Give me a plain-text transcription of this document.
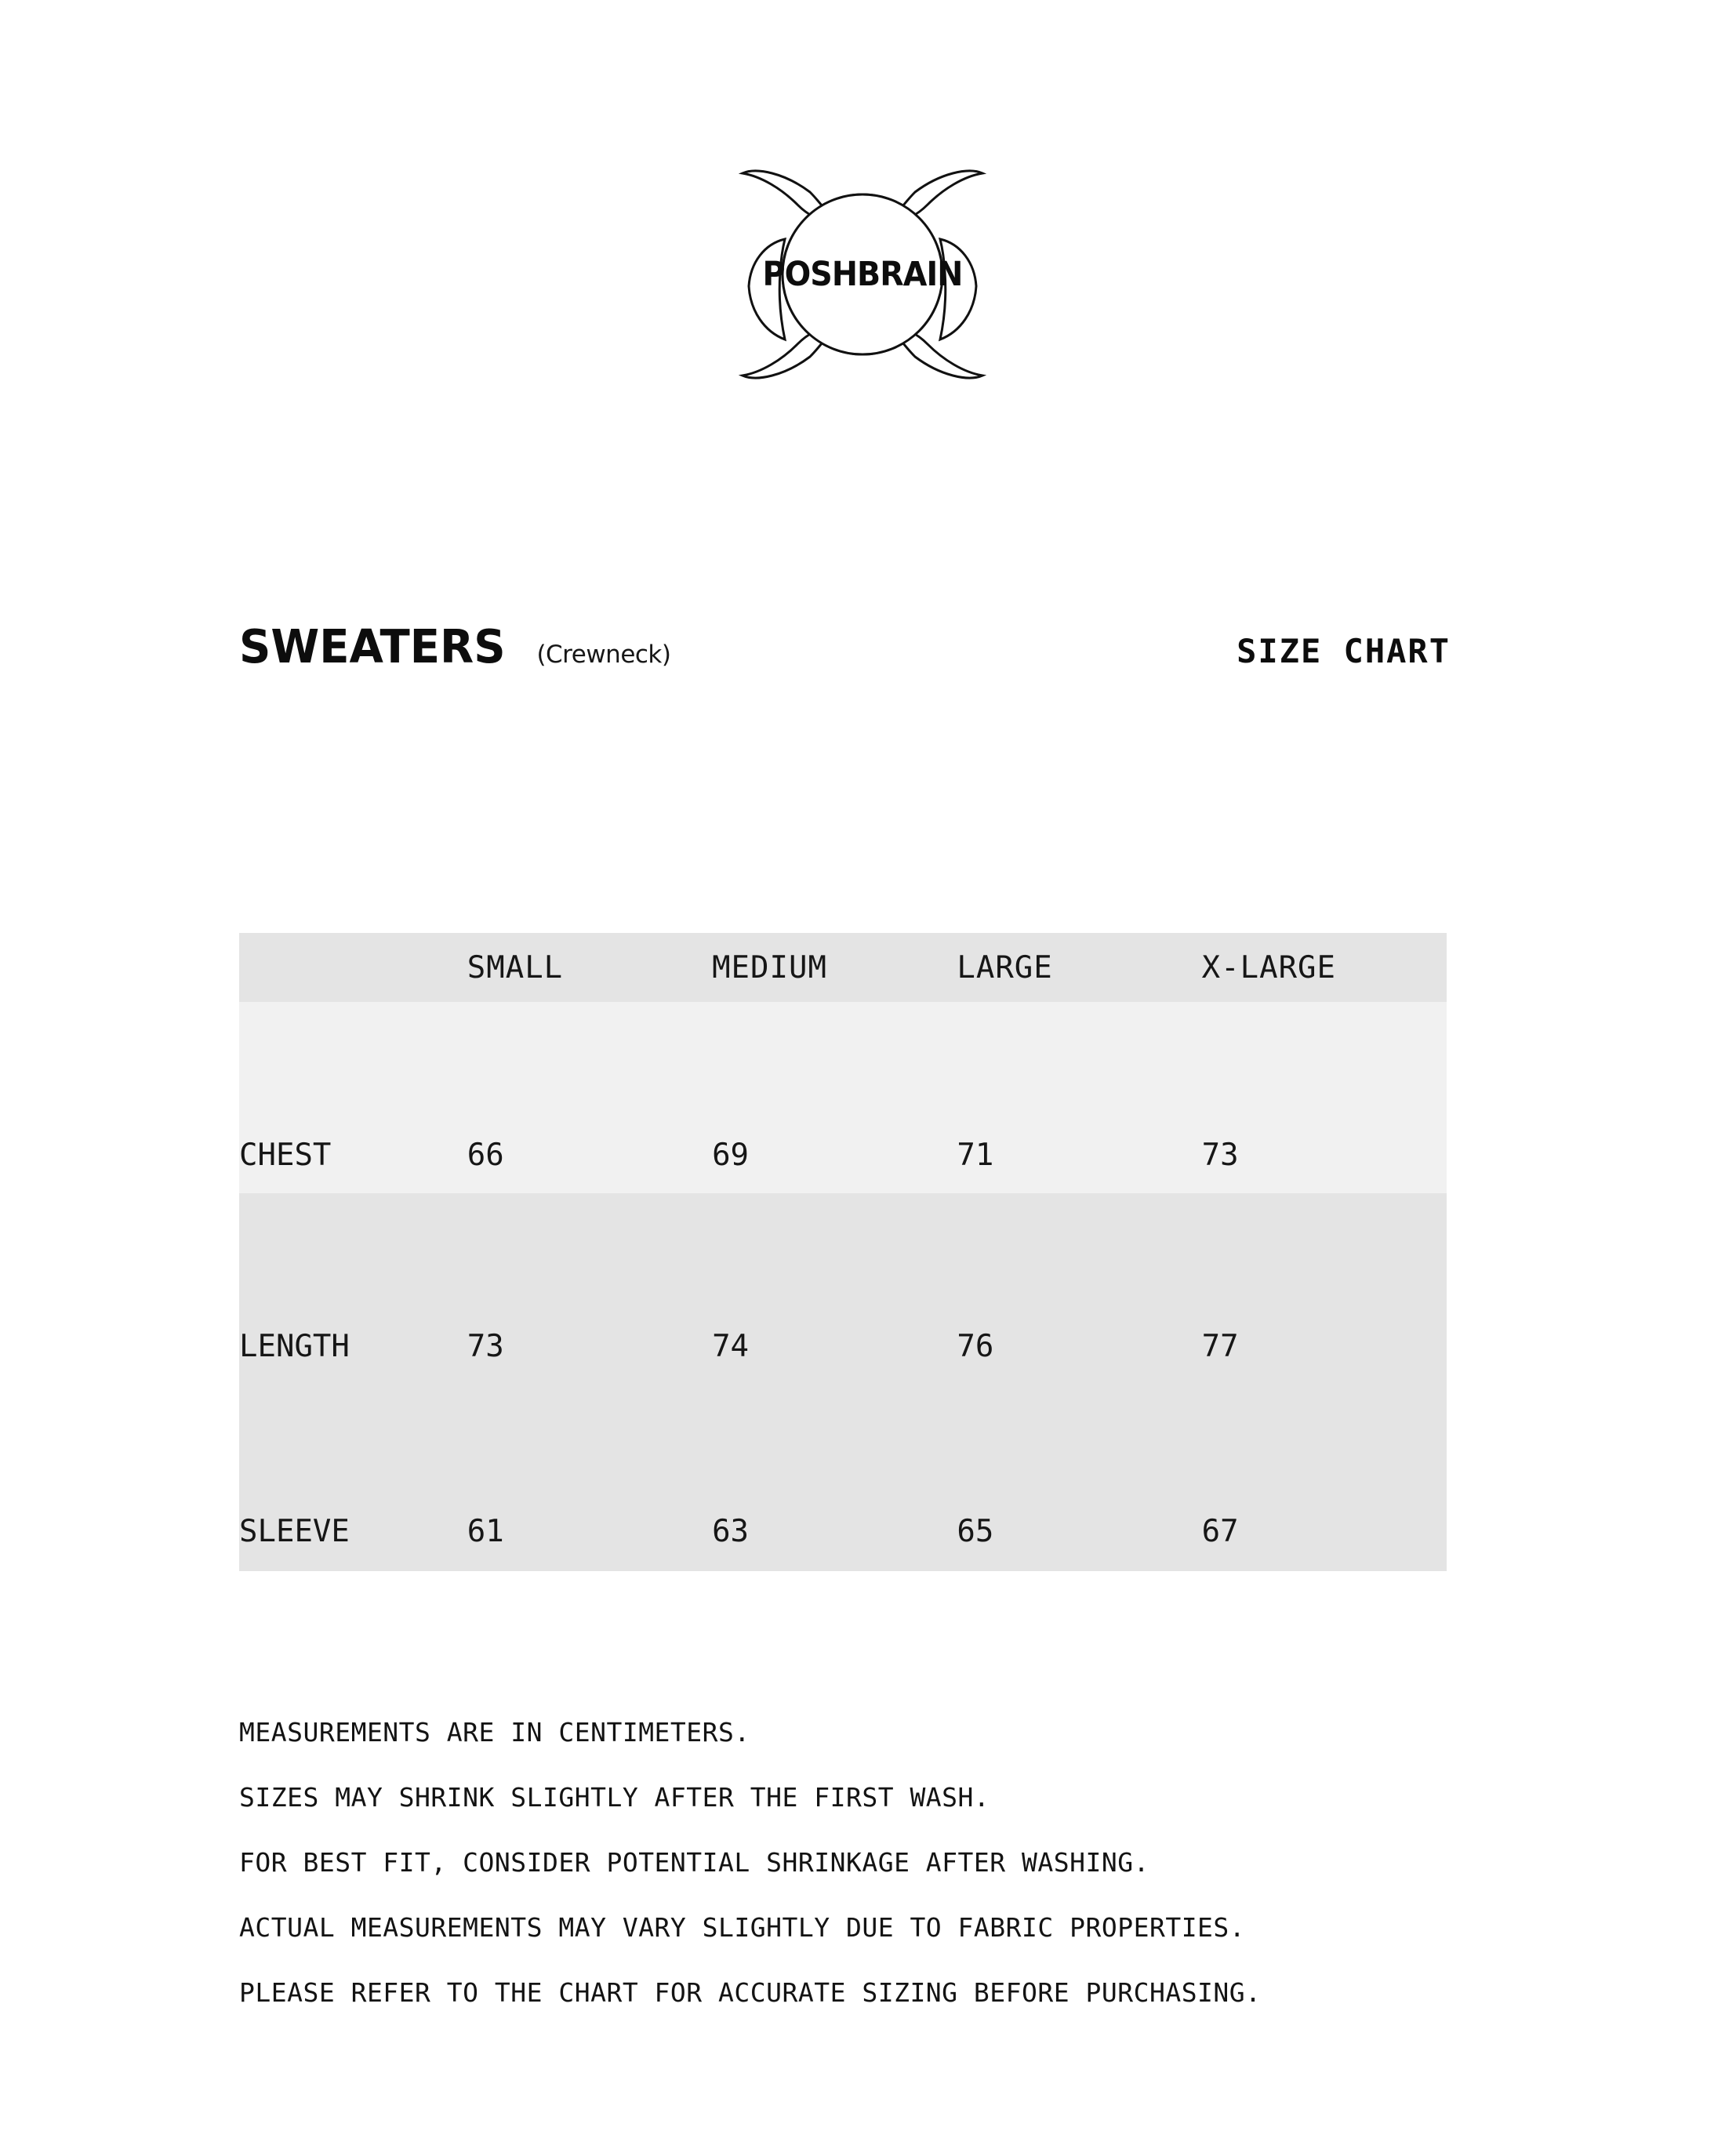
POSHBRAIN
SWEATERS (Crewneck)	SIZE CHART
	SMALL	MEDIUM	LARGE	X-LARGE
CHEST	66	69	71	73
LENGTH	73	74	76	77
SLEEVE	61	63	65	67
MEASUREMENTS ARE IN CENTIMETERS.
SIZES MAY SHRINK SLIGHTLY AFTER THE FIRST WASH.
FOR BEST FIT, CONSIDER POTENTIAL SHRINKAGE AFTER WASHING.
ACTUAL MEASUREMENTS MAY VARY SLIGHTLY DUE TO FABRIC PROPERTIES.
PLEASE REFER TO THE CHART FOR ACCURATE SIZING BEFORE PURCHASING.
